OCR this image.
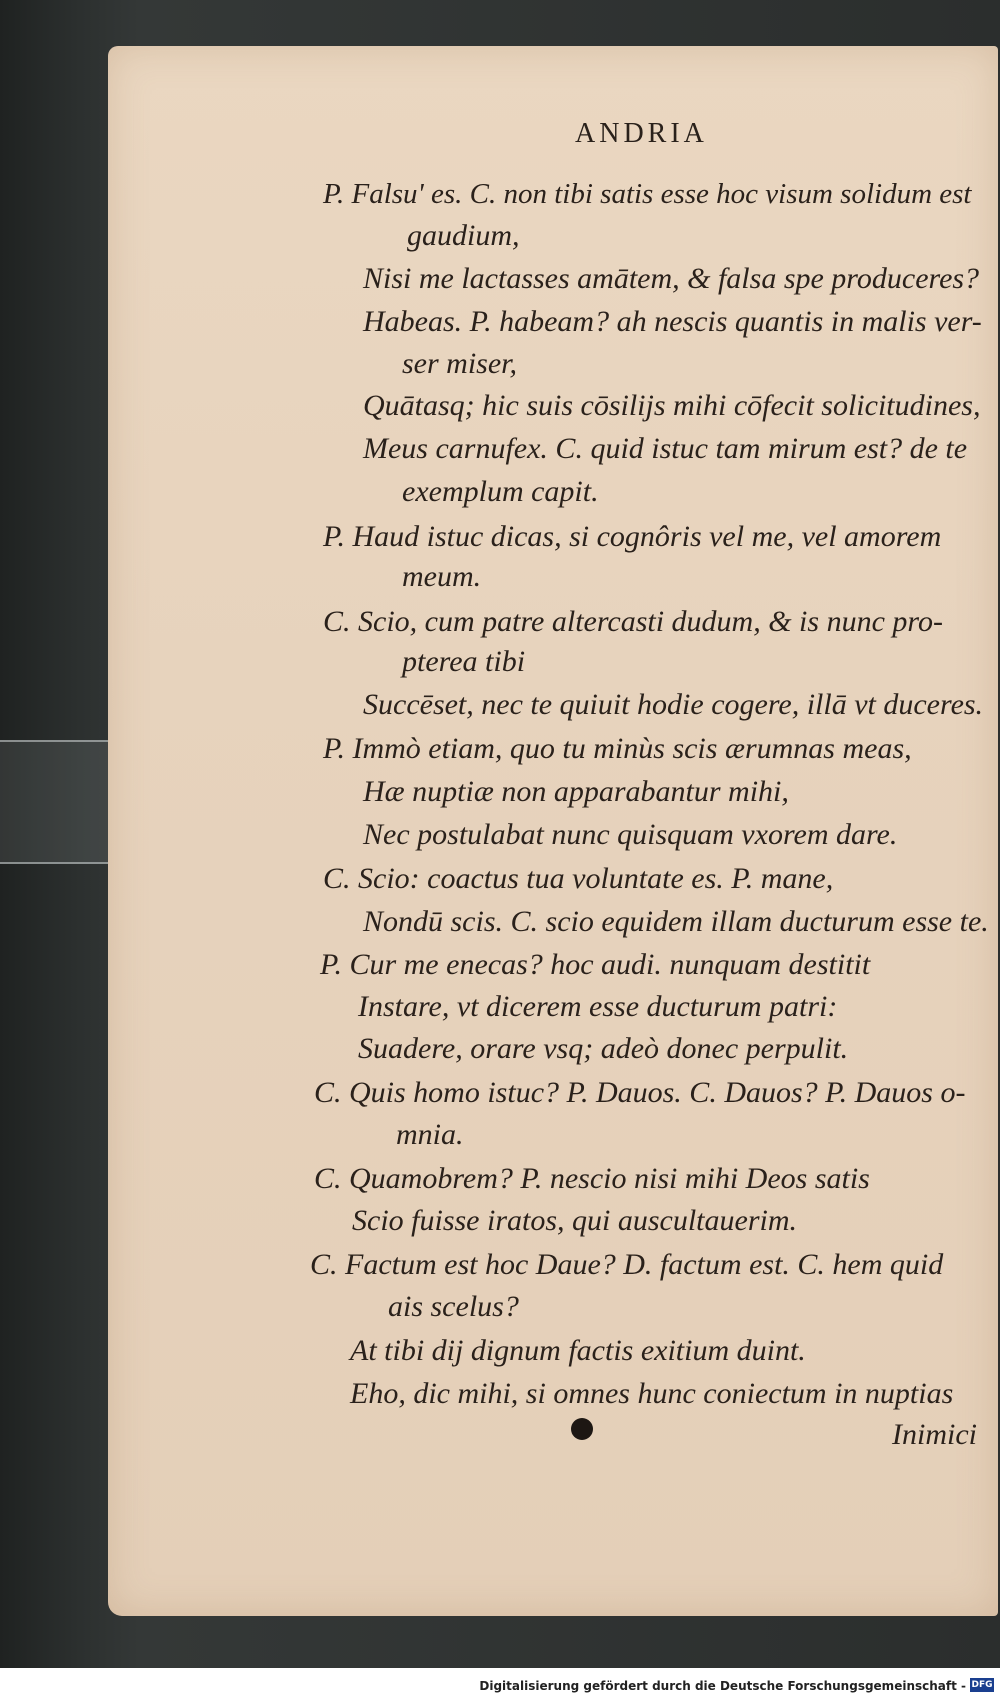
ANDRIA
P. Falsu' es. C. non tibi satis esse hoc visum solidum est
gaudium,
Nisi me lactasses amātem, & falsa spe produceres?
Habeas. P. habeam? ah nescis quantis in malis ver-
ser miser,
Quātasq; hic suis cōsilijs mihi cōfecit solicitudines,
Meus carnufex. C. quid istuc tam mirum est? de te
exemplum capit.
P. Haud istuc dicas, si cognôris vel me, vel amorem
meum.
C. Scio, cum patre altercasti dudum, & is nunc pro-
pterea tibi
Succēset, nec te quiuit hodie cogere, illā vt duceres.
P. Immò etiam, quo tu minùs scis ærumnas meas,
Hæ nuptiæ non apparabantur mihi,
Nec postulabat nunc quisquam vxorem dare.
C. Scio: coactus tua voluntate es. P. mane,
Nondū scis. C. scio equidem illam ducturum esse te.
P. Cur me enecas? hoc audi. nunquam destitit
Instare, vt dicerem esse ducturum patri:
Suadere, orare vsq; adeò donec perpulit.
C. Quis homo istuc? P. Dauos. C. Dauos? P. Dauos o-
mnia.
C. Quamobrem? P. nescio nisi mihi Deos satis
Scio fuisse iratos, qui auscultauerim.
C. Factum est hoc Daue? D. factum est. C. hem quid
ais scelus?
At tibi dij dignum factis exitium duint.
Eho, dic mihi, si omnes hunc coniectum in nuptias
Inimici
Digitalisierung gefördert durch die Deutsche Forschungsgemeinschaft - DFG
